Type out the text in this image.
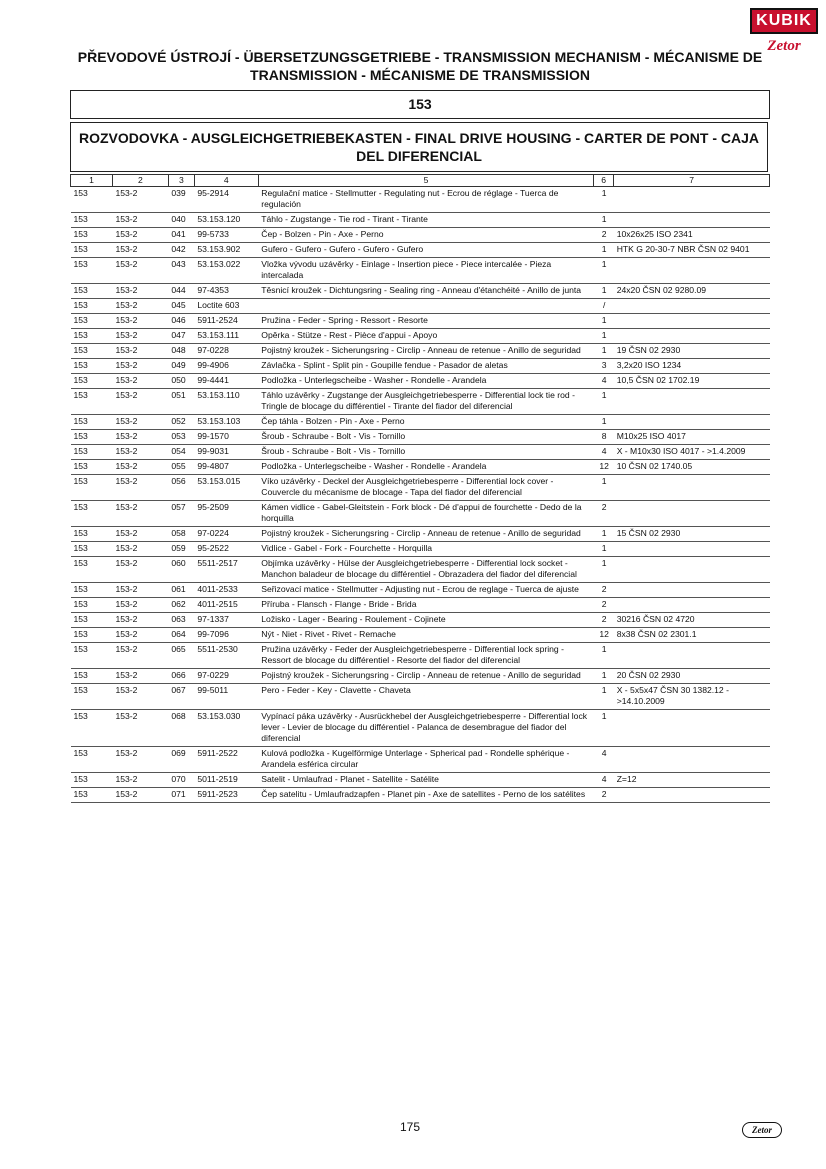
KUBIK
Zetor
PŘEVODOVÉ ÚSTROJÍ - ÜBERSETZUNGSGETRIEBE - TRANSMISSION MECHANISM - MÉCANISME DE
TRANSMISSION - MÉCANISME DE TRANSMISSION
153
ROZVODOVKA - AUSGLEICHGETRIEBEKASTEN - FINAL DRIVE HOUSING - CARTER DE PONT - CAJA
DEL DIFERENCIAL
1	2	3	4	5	6	7
153	153-2	039	95-2914	Regulační matice - Stellmutter - Regulating nut - Ecrou de réglage - Tuerca de regulación	1	
153	153-2	040	53.153.120	Táhlo - Zugstange - Tie rod - Tirant - Tirante	1	
153	153-2	041	99-5733	Čep - Bolzen - Pin - Axe - Perno	2	10x26x25 ISO 2341
153	153-2	042	53.153.902	Gufero - Gufero - Gufero - Gufero - Gufero	1	HTK G 20-30-7 NBR ČSN 02 9401
153	153-2	043	53.153.022	Vložka vývodu uzávěrky - Einlage - Insertion piece - Piece intercalée - Pieza intercalada	1	
153	153-2	044	97-4353	Těsnicí kroužek - Dichtungsring - Sealing ring - Anneau d'étanchéité - Anillo de junta	1	24x20 ČSN 02 9280.09
153	153-2	045	Loctite 603		/	
153	153-2	046	5911-2524	Pružina - Feder - Spring - Ressort - Resorte	1	
153	153-2	047	53.153.111	Opěrka - Stütze - Rest - Pièce d'appui - Apoyo	1	
153	153-2	048	97-0228	Pojistný kroužek - Sicherungsring - Circlip - Anneau de retenue - Anillo de seguridad	1	19 ČSN 02 2930
153	153-2	049	99-4906	Závlačka - Splint - Split pin - Goupille fendue - Pasador de aletas	3	3,2x20 ISO 1234
153	153-2	050	99-4441	Podložka - Unterlegscheibe - Washer - Rondelle - Arandela	4	10,5 ČSN 02 1702.19
153	153-2	051	53.153.110	Táhlo uzávěrky - Zugstange der Ausgleichgetriebesperre - Differential lock tie rod - Tringle de blocage du différentiel - Tirante del fiador del diferencial	1	
153	153-2	052	53.153.103	Čep táhla - Bolzen - Pin - Axe - Perno	1	
153	153-2	053	99-1570	Šroub - Schraube - Bolt - Vis - Tornillo	8	M10x25 ISO 4017
153	153-2	054	99-9031	Šroub - Schraube - Bolt - Vis - Tornillo	4	X - M10x30 ISO 4017 - >1.4.2009
153	153-2	055	99-4807	Podložka - Unterlegscheibe - Washer - Rondelle - Arandela	12	10 ČSN 02 1740.05
153	153-2	056	53.153.015	Víko uzávěrky - Deckel der Ausgleichgetriebesperre - Differential lock cover - Couvercle du mécanisme de blocage - Tapa del fiador del diferencial	1	
153	153-2	057	95-2509	Kámen vidlice - Gabel-Gleitstein - Fork block - Dé d'appui de fourchette - Dedo de la horquilla	2	
153	153-2	058	97-0224	Pojistný kroužek - Sicherungsring - Circlip - Anneau de retenue - Anillo de seguridad	1	15 ČSN 02 2930
153	153-2	059	95-2522	Vidlice - Gabel - Fork - Fourchette - Horquilla	1	
153	153-2	060	5511-2517	Objímka uzávěrky - Hülse der Ausgleichgetriebesperre - Differential lock socket - Manchon baladeur de blocage du différentiel - Obrazadera del fiador del diferencial	1	
153	153-2	061	4011-2533	Seřizovací matice - Stellmutter - Adjusting nut - Ecrou de reglage - Tuerca de ajuste	2	
153	153-2	062	4011-2515	Příruba - Flansch - Flange - Bride - Brida	2	
153	153-2	063	97-1337	Ložisko - Lager - Bearing - Roulement - Cojinete	2	30216 ČSN 02 4720
153	153-2	064	99-7096	Nýt - Niet - Rivet - Rivet - Remache	12	8x38 ČSN 02 2301.1
153	153-2	065	5511-2530	Pružina uzávěrky - Feder der Ausgleichgetriebesperre - Differential lock spring - Ressort de blocage du différentiel - Resorte del fiador del diferencial	1	
153	153-2	066	97-0229	Pojistný kroužek - Sicherungsring - Circlip - Anneau de retenue - Anillo de seguridad	1	20 ČSN 02 2930
153	153-2	067	99-5011	Pero - Feder - Key - Clavette - Chaveta	1	X - 5x5x47 ČSN 30 1382.12 - >14.10.2009
153	153-2	068	53.153.030	Vypínací páka uzávěrky - Ausrückhebel der Ausgleichgetriebesperre - Differential lock lever - Levier de blocage du différentiel - Palanca de desembrague del fiador del diferencial	1	
153	153-2	069	5911-2522	Kulová podložka - Kugelförmige Unterlage - Spherical pad - Rondelle sphérique - Arandela esférica circular	4	
153	153-2	070	5011-2519	Satelit - Umlaufrad - Planet - Satellite - Satélite	4	Z=12
153	153-2	071	5911-2523	Čep satelitu - Umlaufradzapfen - Planet pin - Axe de satellites - Perno de los satélites	2	
175	Zetor
